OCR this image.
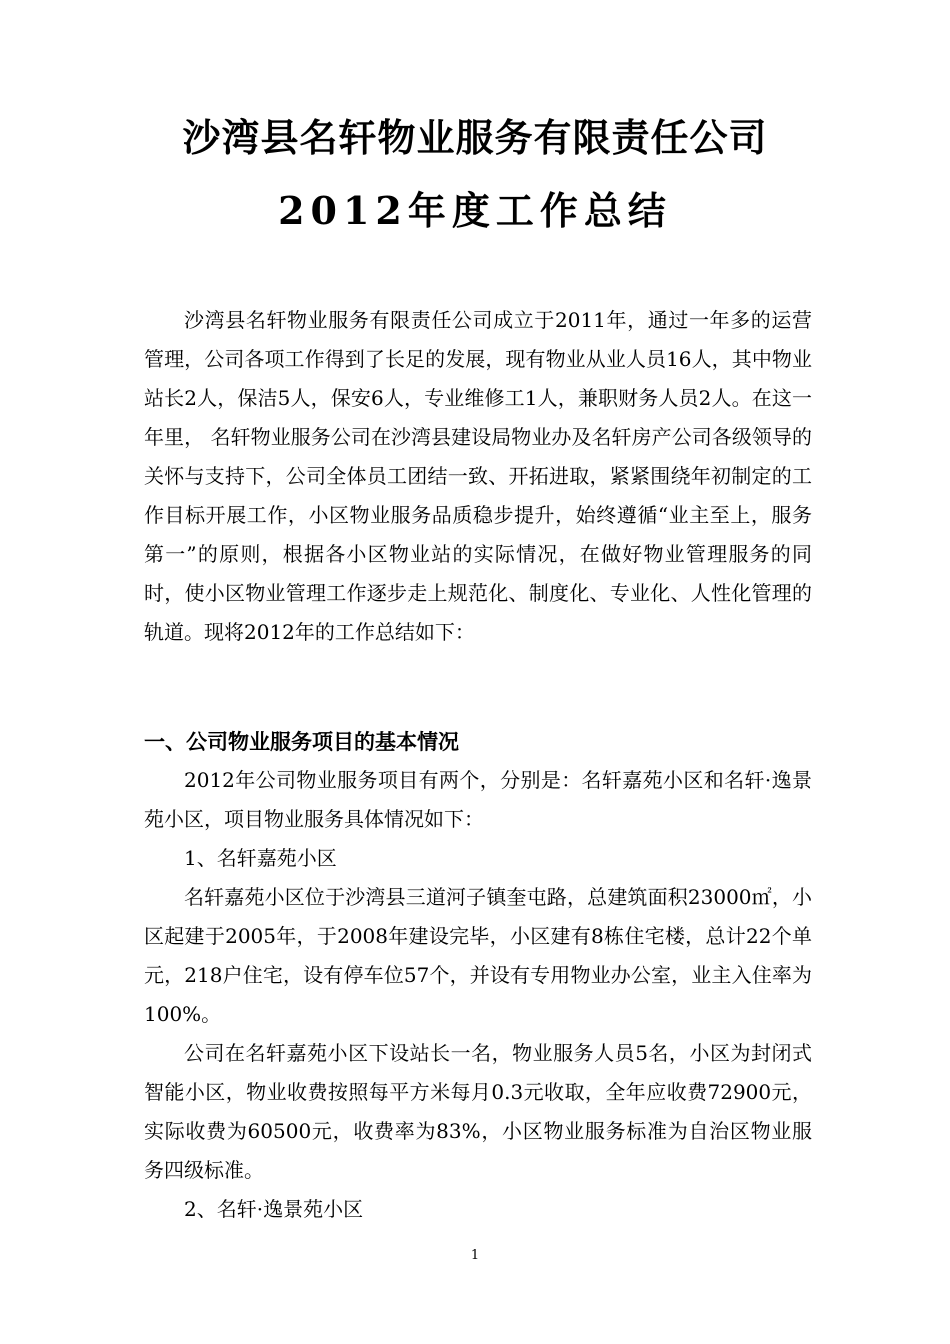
沙湾县名轩物业服务有限责任公司
2012年度工作总结

沙湾县名轩物业服务有限责任公司成立于2011年，通过一年多的运营管理，公司各项工作得到了长足的发展，现有物业从业人员16人，其中物业站长2人，保洁5人，保安6人，专业维修工1人，兼职财务人员2人。在这一年里， 名轩物业服务公司在沙湾县建设局物业办及名轩房产公司各级领导的关怀与支持下，公司全体员工团结一致、开拓进取，紧紧围绕年初制定的工作目标开展工作，小区物业服务品质稳步提升，始终遵循“业主至上，服务第一”的原则，根据各小区物业站的实际情况，在做好物业管理服务的同时，使小区物业管理工作逐步走上规范化、制度化、专业化、人性化管理的轨道。现将2012年的工作总结如下：

一、公司物业服务项目的基本情况

2012年公司物业服务项目有两个，分别是：名轩嘉苑小区和名轩·逸景苑小区，项目物业服务具体情况如下：

1、名轩嘉苑小区

名轩嘉苑小区位于沙湾县三道河子镇奎屯路，总建筑面积23000㎡，小区起建于2005年，于2008年建设完毕，小区建有8栋住宅楼，总计22个单元，218户住宅，设有停车位57个，并设有专用物业办公室，业主入住率为100%。

公司在名轩嘉苑小区下设站长一名，物业服务人员5名，小区为封闭式智能小区，物业收费按照每平方米每月0.3元收取，全年应收费72900元，实际收费为60500元，收费率为83%，小区物业服务标准为自治区物业服务四级标准。

2、名轩·逸景苑小区

1
